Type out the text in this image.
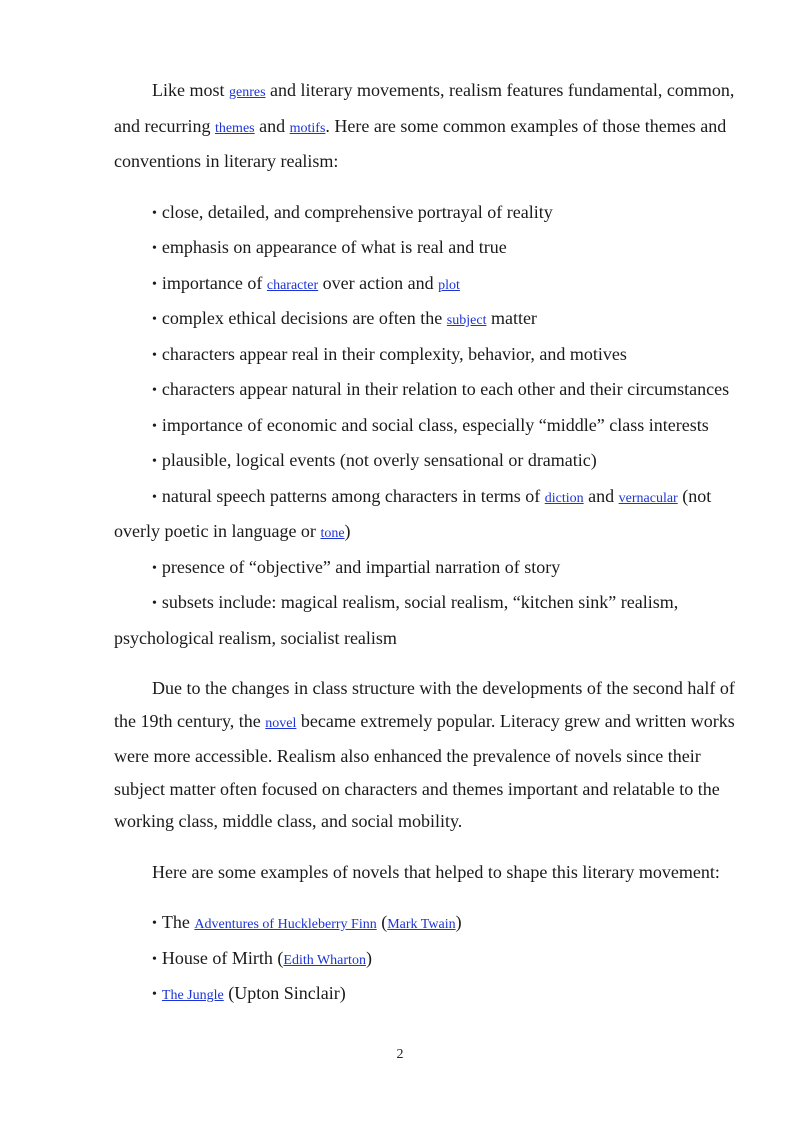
Like most genres and literary movements, realism features fundamental, common, and recurring themes and motifs. Here are some common examples of those themes and conventions in literary realism:

• close, detailed, and comprehensive portrayal of reality
• emphasis on appearance of what is real and true
• importance of character over action and plot
• complex ethical decisions are often the subject matter
• characters appear real in their complexity, behavior, and motives
• characters appear natural in their relation to each other and their circumstances
• importance of economic and social class, especially “middle” class interests
• plausible, logical events (not overly sensational or dramatic)
• natural speech patterns among characters in terms of diction and vernacular (not overly poetic in language or tone)
• presence of “objective” and impartial narration of story
• subsets include: magical realism, social realism, “kitchen sink” realism, psychological realism, socialist realism

Due to the changes in class structure with the developments of the second half of the 19th century, the novel became extremely popular. Literacy grew and written works were more accessible. Realism also enhanced the prevalence of novels since their subject matter often focused on characters and themes important and relatable to the working class, middle class, and social mobility.

Here are some examples of novels that helped to shape this literary movement:

• The Adventures of Huckleberry Finn (Mark Twain)
• House of Mirth (Edith Wharton)
• The Jungle (Upton Sinclair)
2
